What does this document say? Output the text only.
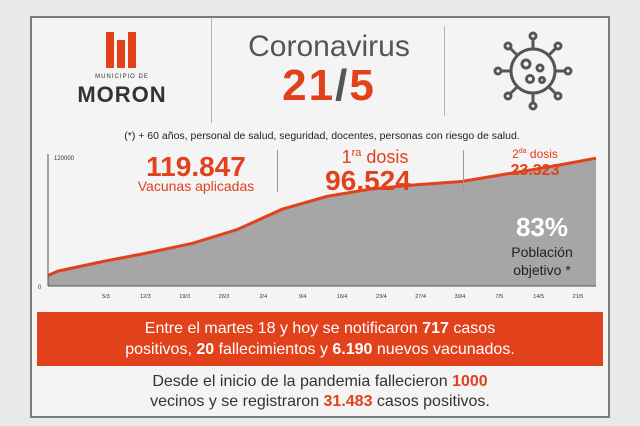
MUNICIPIO DE
MORON
Coronavirus
21/5
(*) + 60 años, personal de salud, seguridad, docentes, personas con riesgo de salud.
120000
0
5/3	12/3	19/3	26/3	2/4	9/4	16/4	23/4	27/4	30/4	7/5	14/5	21/5
119.847
Vacunas aplicadas
$1^{ra}$ dosis
96.524
$2^{da}$ dosis
23.323
83%
Población
objetivo *
Entre el martes 18 y hoy se notificaron 717 casos
positivos, 20 fallecimientos y 6.190 nuevos vacunados.
Desde el inicio de la pandemia fallecieron 1000
vecinos y se registraron 31.483 casos positivos.
